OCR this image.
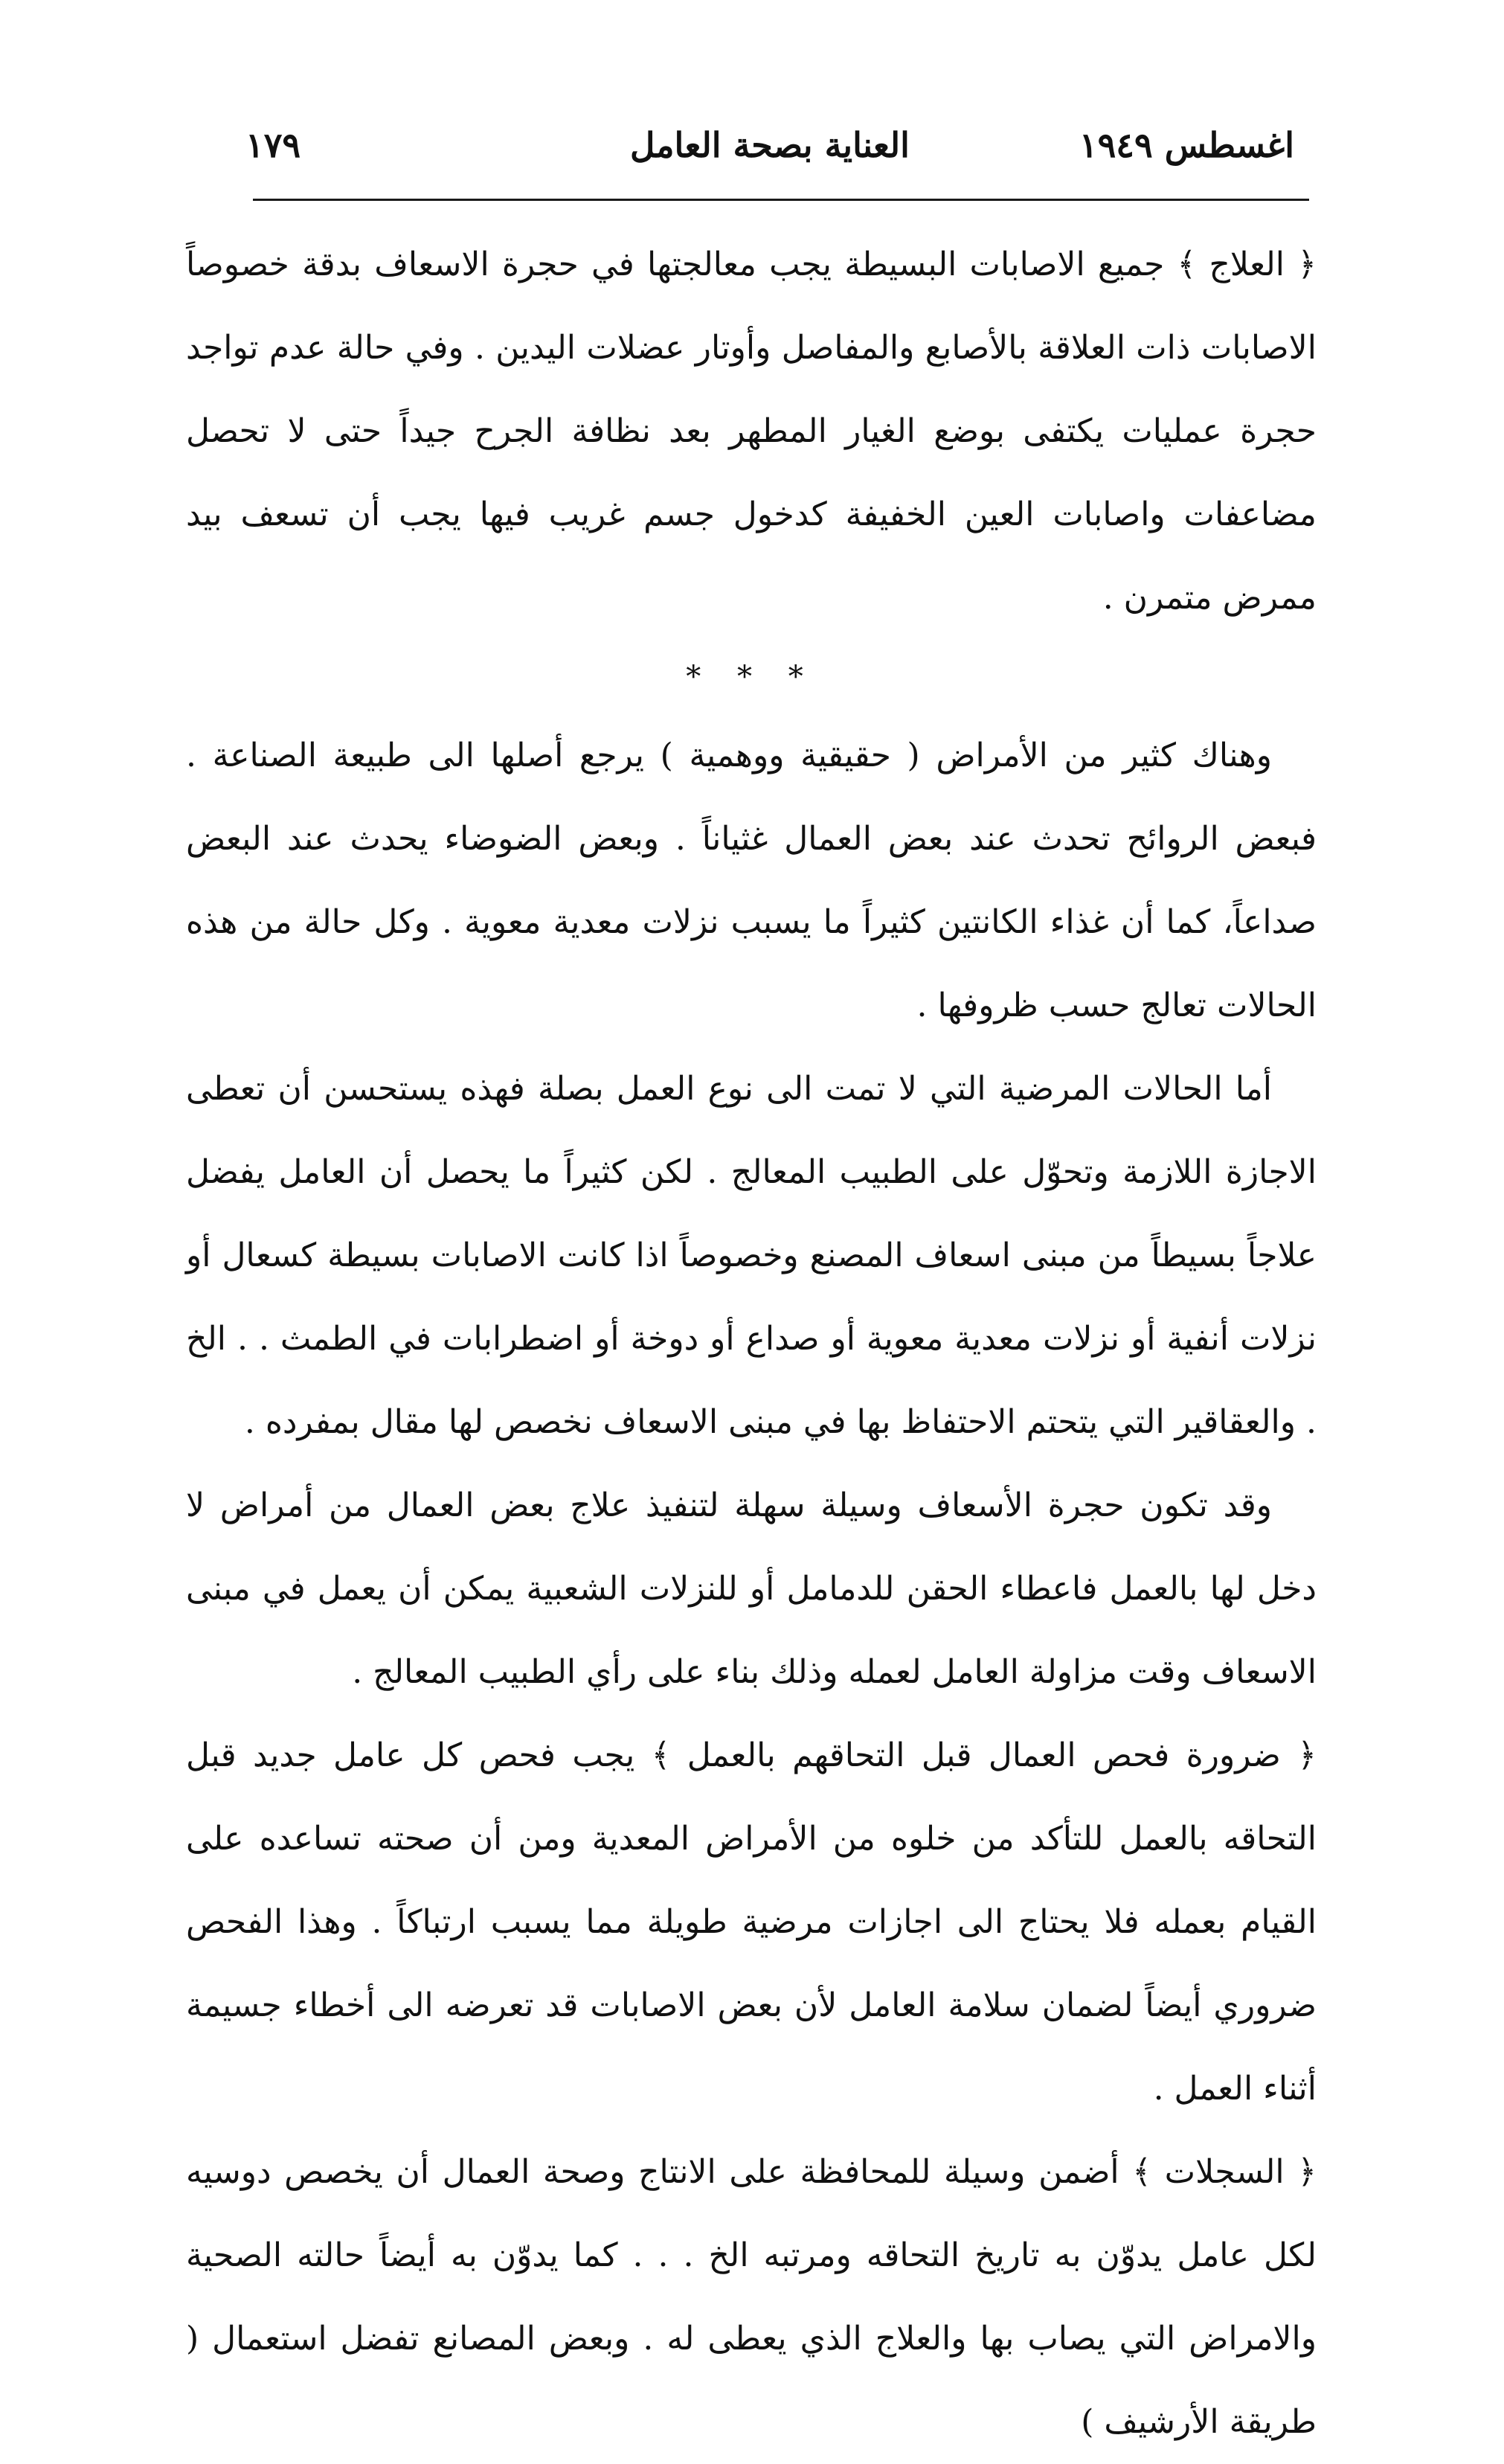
اغسطس ١٩٤٩
العناية بصحة العامل
١٧٩

﴿ العلاج ﴾ جميع الاصابات البسيطة يجب معالجتها في حجرة الاسعاف بدقة خصوصاً الاصابات ذات العلاقة بالأصابع والمفاصل وأوتار عضلات اليدين . وفي حالة عدم تواجد حجرة عمليات يكتفى بوضع الغيار المطهر بعد نظافة الجرح جيداً حتى لا تحصل مضاعفات واصابات العين الخفيفة كدخول جسم غريب فيها يجب أن تسعف بيد ممرض متمرن .

* * *

وهناك كثير من الأمراض ( حقيقية ووهمية ) يرجع أصلها الى طبيعة الصناعة . فبعض الروائح تحدث عند بعض العمال غثياناً . وبعض الضوضاء يحدث عند البعض صداعاً، كما أن غذاء الكانتين كثيراً ما يسبب نزلات معدية معوية . وكل حالة من هذه الحالات تعالج حسب ظروفها .

أما الحالات المرضية التي لا تمت الى نوع العمل بصلة فهذه يستحسن أن تعطى الاجازة اللازمة وتحوّل على الطبيب المعالج . لكن كثيراً ما يحصل أن العامل يفضل علاجاً بسيطاً من مبنى اسعاف المصنع وخصوصاً اذا كانت الاصابات بسيطة كسعال أو نزلات أنفية أو نزلات معدية معوية أو صداع أو دوخة أو اضطرابات في الطمث . . الخ . والعقاقير التي يتحتم الاحتفاظ بها في مبنى الاسعاف نخصص لها مقال بمفرده .

وقد تكون حجرة الأسعاف وسيلة سهلة لتنفيذ علاج بعض العمال من أمراض لا دخل لها بالعمل فاعطاء الحقن للدمامل أو للنزلات الشعبية يمكن أن يعمل في مبنى الاسعاف وقت مزاولة العامل لعمله وذلك بناء على رأي الطبيب المعالج .

﴿ ضرورة فحص العمال قبل التحاقهم بالعمل ﴾ يجب فحص كل عامل جديد قبل التحاقه بالعمل للتأكد من خلوه من الأمراض المعدية ومن أن صحته تساعده على القيام بعمله فلا يحتاج الى اجازات مرضية طويلة مما يسبب ارتباكاً . وهذا الفحص ضروري أيضاً لضمان سلامة العامل لأن بعض الاصابات قد تعرضه الى أخطاء جسيمة أثناء العمل .

﴿ السجلات ﴾ أضمن وسيلة للمحافظة على الانتاج وصحة العمال أن يخصص دوسيه لكل عامل يدوّن به تاريخ التحاقه ومرتبه الخ . . . كما يدوّن به أيضاً حالته الصحية والامراض التي يصاب بها والعلاج الذي يعطى له . وبعض المصانع تفضل استعمال ( طريقة الأرشيف )
